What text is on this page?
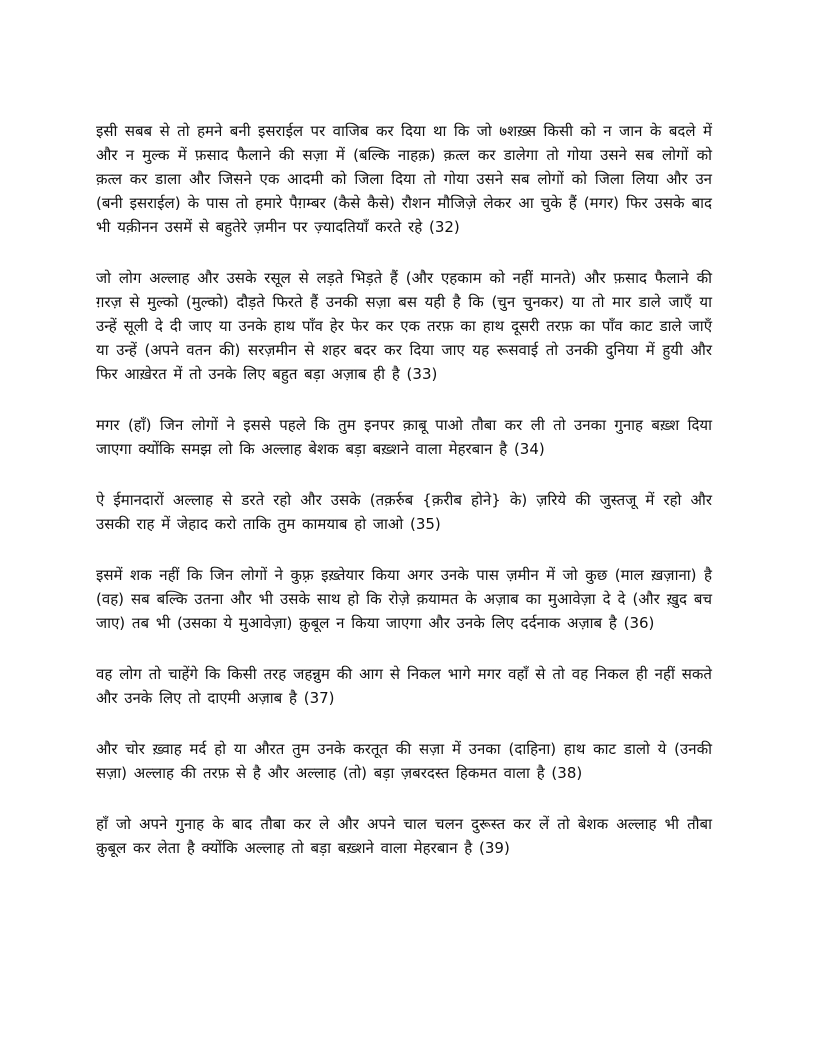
इसी सबब से तो हमने बनी इसराईल पर वाजिब कर दिया था कि जो ७शख़्स किसी को न जान के बदले में और न मुल्क में फ़साद फैलाने की सज़ा में (बल्कि नाहक़) क़त्ल कर डालेगा तो गोया उसने सब लोगों को क़त्ल कर डाला और जिसने एक आदमी को जिला दिया तो गोया उसने सब लोगों को जिला लिया और उन (बनी इसराईल) के पास तो हमारे पैग़म्बर (कैसे कैसे) रौशन मौजिज़े लेकर आ चुके हैं (मगर) फिर उसके बाद भी यक़ीनन उसमें से बहुतेरे ज़मीन पर ज़्यादतियाँ करते रहे (32)

जो लोग अल्लाह और उसके रसूल से लड़ते भिड़ते हैं (और एहकाम को नहीं मानते) और फ़साद फैलाने की ग़रज़ से मुल्को (मुल्को) दौड़ते फिरते हैं उनकी सज़ा बस यही है कि (चुन चुनकर) या तो मार डाले जाएँ या उन्हें सूली दे दी जाए या उनके हाथ पाँव हेर फेर कर एक तरफ़ का हाथ दूसरी तरफ़ का पाँव काट डाले जाएँ या उन्हें (अपने वतन की) सरज़मीन से शहर बदर कर दिया जाए यह रूसवाई तो उनकी दुनिया में हुयी और फिर आख़ेरत में तो उनके लिए बहुत बड़ा अज़ाब ही है (33)

मगर (हाँ) जिन लोगों ने इससे पहले कि तुम इनपर क़ाबू पाओ तौबा कर ली तो उनका गुनाह बख़्श दिया जाएगा क्योंकि समझ लो कि अल्लाह बेशक बड़ा बख़्शने वाला मेहरबान है (34)

ऐ ईमानदारों अल्लाह से डरते रहो और उसके (तक़र्रुब {क़रीब होने} के) ज़रिये की जुस्तजू में रहो और उसकी राह में जेहाद करो ताकि तुम कामयाब हो जाओ (35)

इसमें शक नहीं कि जिन लोगों ने कुफ़्र इख़्तेयार किया अगर उनके पास ज़मीन में जो कुछ (माल ख़ज़ाना) है (वह) सब बल्कि उतना और भी उसके साथ हो कि रोज़े क़यामत के अज़ाब का मुआवेज़ा दे दे (और ख़ुद बच जाए) तब भी (उसका ये मुआवेज़ा) क़ुबूल न किया जाएगा और उनके लिए दर्दनाक अज़ाब है (36)

वह लोग तो चाहेंगे कि किसी तरह जहन्नुम की आग से निकल भागे मगर वहाँ से तो वह निकल ही नहीं सकते और उनके लिए तो दाएमी अज़ाब है (37)

और चोर ख़्वाह मर्द हो या औरत तुम उनके करतूत की सज़ा में उनका (दाहिना) हाथ काट डालो ये (उनकी सज़ा) अल्लाह की तरफ़ से है और अल्लाह (तो) बड़ा ज़बरदस्त हिकमत वाला है (38)

हाँ जो अपने गुनाह के बाद तौबा कर ले और अपने चाल चलन दुरूस्त कर लें तो बेशक अल्लाह भी तौबा क़ुबूल कर लेता है क्योंकि अल्लाह तो बड़ा बख़्शने वाला मेहरबान है (39)
